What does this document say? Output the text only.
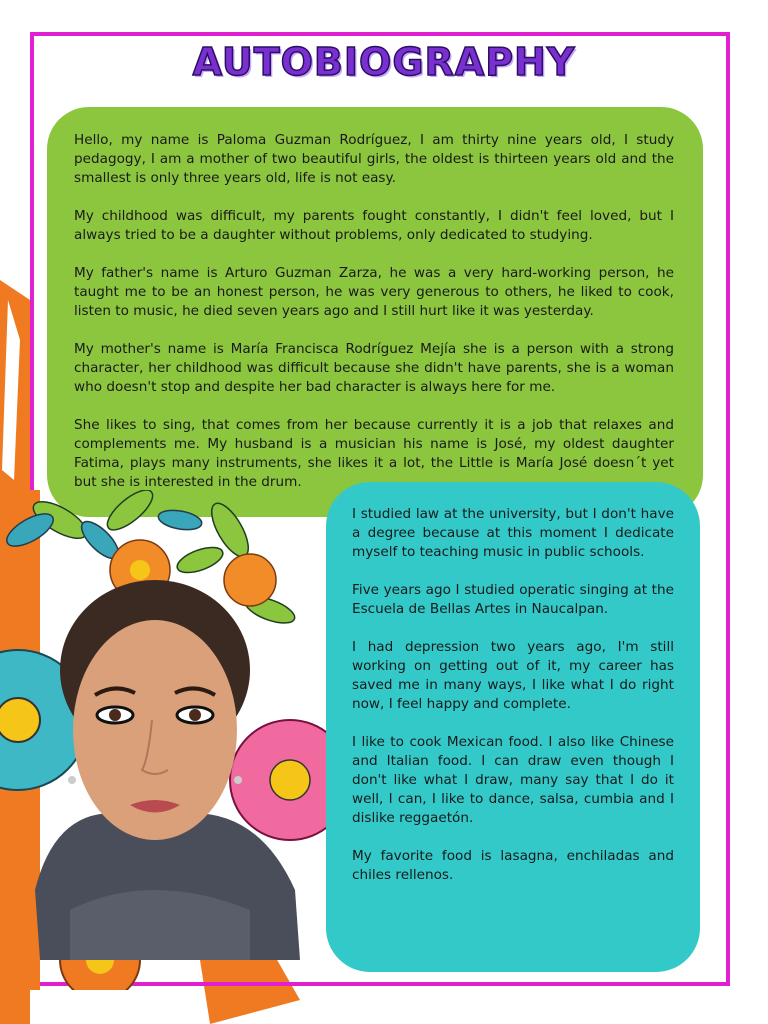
AUTOBIOGRAPHY

Hello, my name is Paloma Guzman Rodríguez, I am thirty nine years old, I study pedagogy, I am a mother of two beautiful girls, the oldest is thirteen years old and the smallest is only three years old, life is not easy.

My childhood was difficult, my parents fought constantly, I didn't feel loved, but I always tried to be a daughter without problems, only dedicated to studying.

My father's name is Arturo Guzman Zarza, he was a very hard-working person, he taught me to be an honest person, he was very generous to others, he liked to cook, listen to music, he died seven years ago and I still hurt like it was yesterday.

My mother's name is María Francisca Rodríguez Mejía she is a person with a strong character, her childhood was difficult because she didn't have parents, she is a woman who doesn't stop and despite her bad character is always here for me.

She likes to sing, that comes from her because currently it is a job that relaxes and complements me. My husband is a musician his name is José, my oldest daughter Fatima, plays many instruments, she likes it a lot, the Little is María José doesn´t yet but she is interested in the drum.

I studied law at the university, but I don't have a degree because at this moment I dedicate myself to teaching music in public schools.

Five years ago I studied operatic singing at the Escuela de Bellas Artes in Naucalpan.

I had depression two years ago, I'm still working on getting out of it, my career has saved me in many ways, I like what I do right now, I feel happy and complete.

I like to cook Mexican food. I also like Chinese and Italian food. I can draw even though I don't like what I draw, many say that I do it well, I can, I like to dance, salsa, cumbia and I dislike reggaetón.

My favorite food is lasagna, enchiladas and chiles rellenos.
